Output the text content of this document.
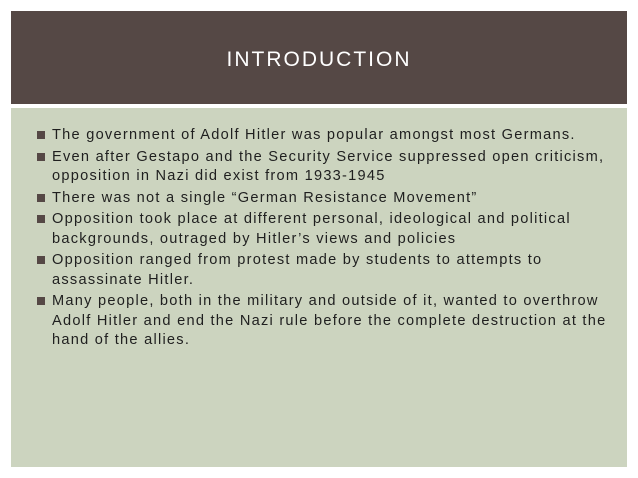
INTRODUCTION
The government of Adolf Hitler was popular amongst most Germans.
Even after Gestapo and the Security Service suppressed open criticism, opposition in Nazi did exist from 1933-1945
There was not a single “German Resistance Movement”
Opposition took place at different personal, ideological and political backgrounds, outraged by Hitler’s views and policies
Opposition ranged from protest made by students to attempts to assassinate Hitler.
Many people, both in the military and outside of it, wanted to overthrow Adolf Hitler and end the Nazi rule before the complete destruction at the hand of the allies.
